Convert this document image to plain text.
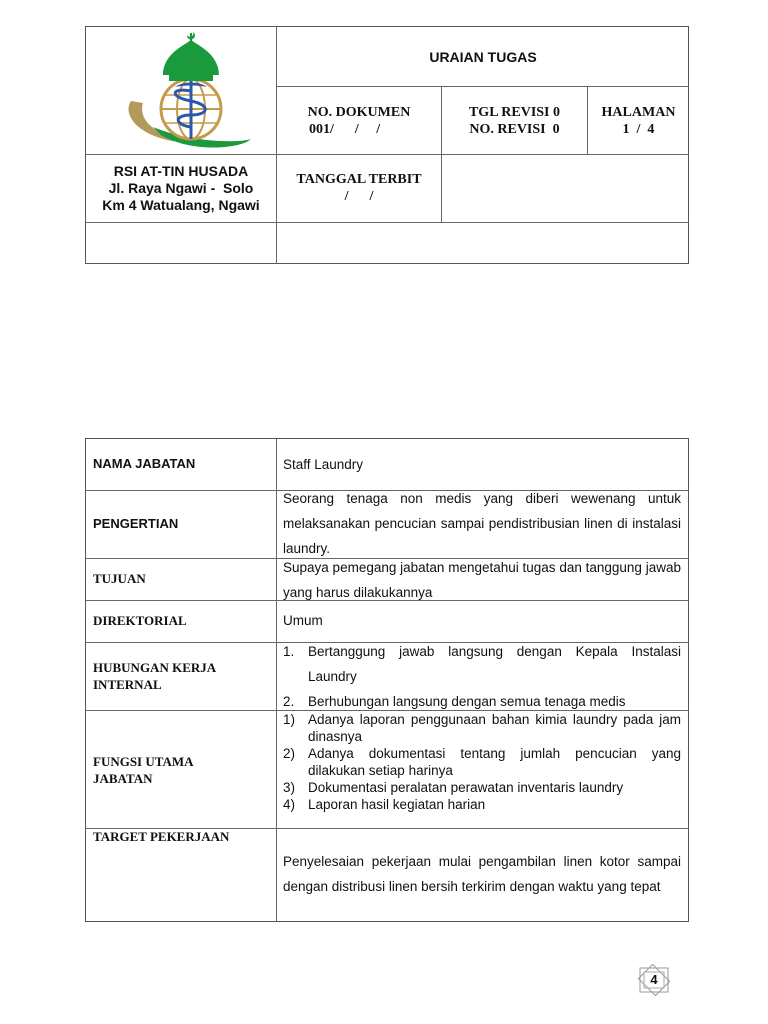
URAIAN TUGAS
NO. DOKUMEN
001/      /     /
TGL REVISI 0
NO. REVISI  0
HALAMAN
1  /  4
RSI AT-TIN HUSADA
Jl. Raya Ngawi -  Solo
Km 4 Watualang, Ngawi
TANGGAL TERBIT
/      /
NAMA JABATAN	Staff Laundry
PENGERTIAN
Seorang tenaga non medis yang diberi wewenang untuk melaksanakan pencucian sampai pendistribusian linen di instalasi laundry.
TUJUAN
Supaya pemegang jabatan mengetahui tugas dan tanggung jawab yang harus dilakukannya
DIREKTORIAL	Umum
HUBUNGAN KERJA
INTERNAL
1. Bertanggung jawab langsung dengan Kepala Instalasi Laundry
2. Berhubungan langsung dengan semua tenaga medis
FUNGSI UTAMA
JABATAN
1) Adanya laporan penggunaan bahan kimia laundry pada jam dinasnya
2) Adanya dokumentasi tentang jumlah pencucian yang dilakukan setiap harinya
3) Dokumentasi peralatan perawatan inventaris laundry
4) Laporan hasil kegiatan harian
TARGET PEKERJAAN
Penyelesaian pekerjaan mulai pengambilan linen kotor sampai dengan distribusi linen bersih terkirim dengan waktu yang tepat
4
